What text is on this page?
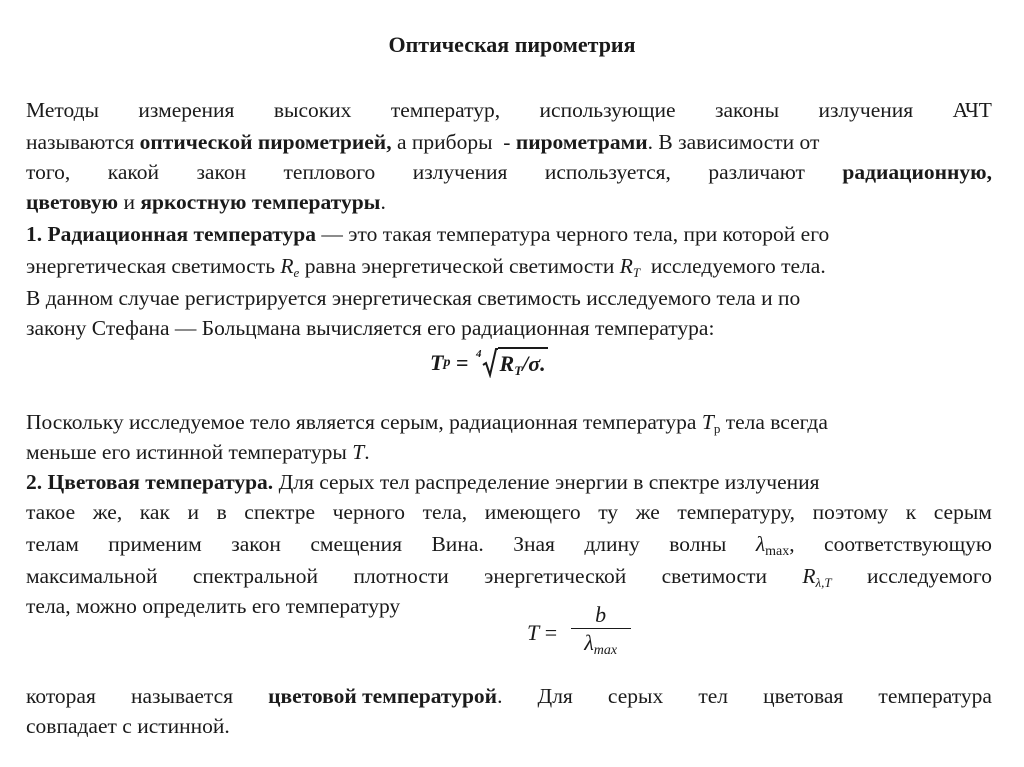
Оптическая пирометрия
Методы измерения высоких температур, использующие законы излучения АЧТ
называются оптической пирометрией, а приборы  - пирометрами. В зависимости от
того, какой закон теплового излучения используется, различают радиационную,
цветовую и яркостную температуры.
1. Радиационная температура — это такая температура черного тела, при которой его
энергетическая светимость $R_e$ равна энергетической светимости $R_T$  исследуемого тела.
В данном случае регистрируется энергетическая светимость исследуемого тела и по
закону Стефана — Больцмана вычисляется его радиационная температура:
T p = 4 $R_T/\sigma$.
Поскольку исследуемое тело является серым, радиационная температура $T_р$ тела всегда
меньше его истинной температуры T.
2. Цветовая температура. Для серых тел распределение энергии в спектре излучения
такое же, как и в спектре черного тела, имеющего ту же температуру, поэтому к серым
телам применим закон смещения Вина. Зная длину волны $\lambda_{max}$, соответствующую
максимальной спектральной плотности энергетической светимости $R_{\lambda,T}$ исследуемого
тела, можно определить его температуру
$T = \frac{b}{\lambda_{max}}$
которая называется цветовой температурой. Для серых тел цветовая температура
совпадает с истинной.
